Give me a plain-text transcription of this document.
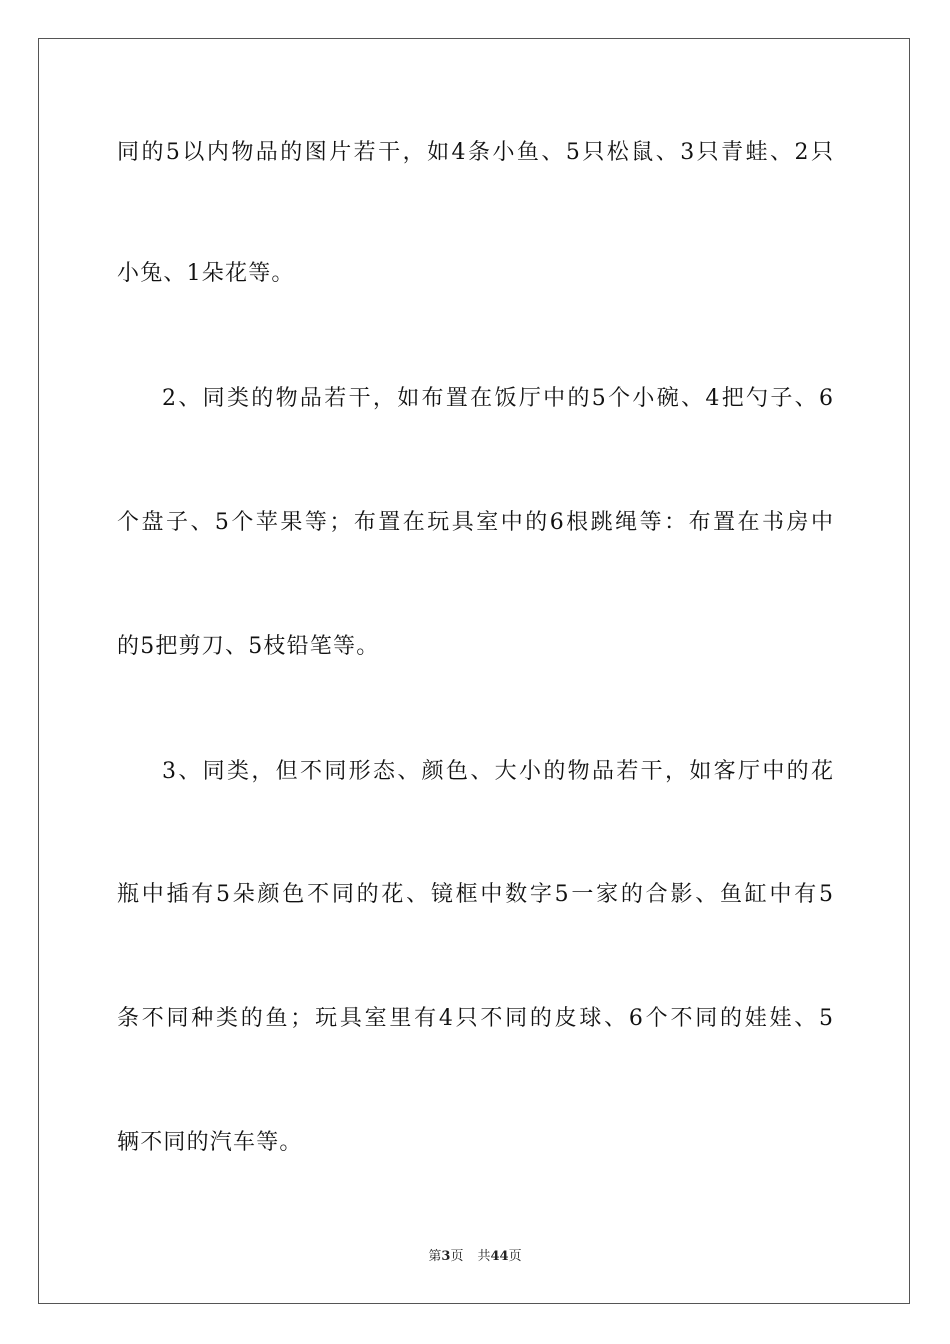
同的5以内物品的图片若干，如4条小鱼、5只松鼠、3只青蛙、2只
小兔、1朵花等。
2、同类的物品若干，如布置在饭厅中的5个小碗、4把勺子、6
个盘子、5个苹果等；布置在玩具室中的6根跳绳等：布置在书房中
的5把剪刀、5枝铅笔等。
3、同类，但不同形态、颜色、大小的物品若干，如客厅中的花
瓶中插有5朵颜色不同的花、镜框中数字5一家的合影、鱼缸中有5
条不同种类的鱼；玩具室里有4只不同的皮球、6个不同的娃娃、5
辆不同的汽车等。
第3页 共44页
